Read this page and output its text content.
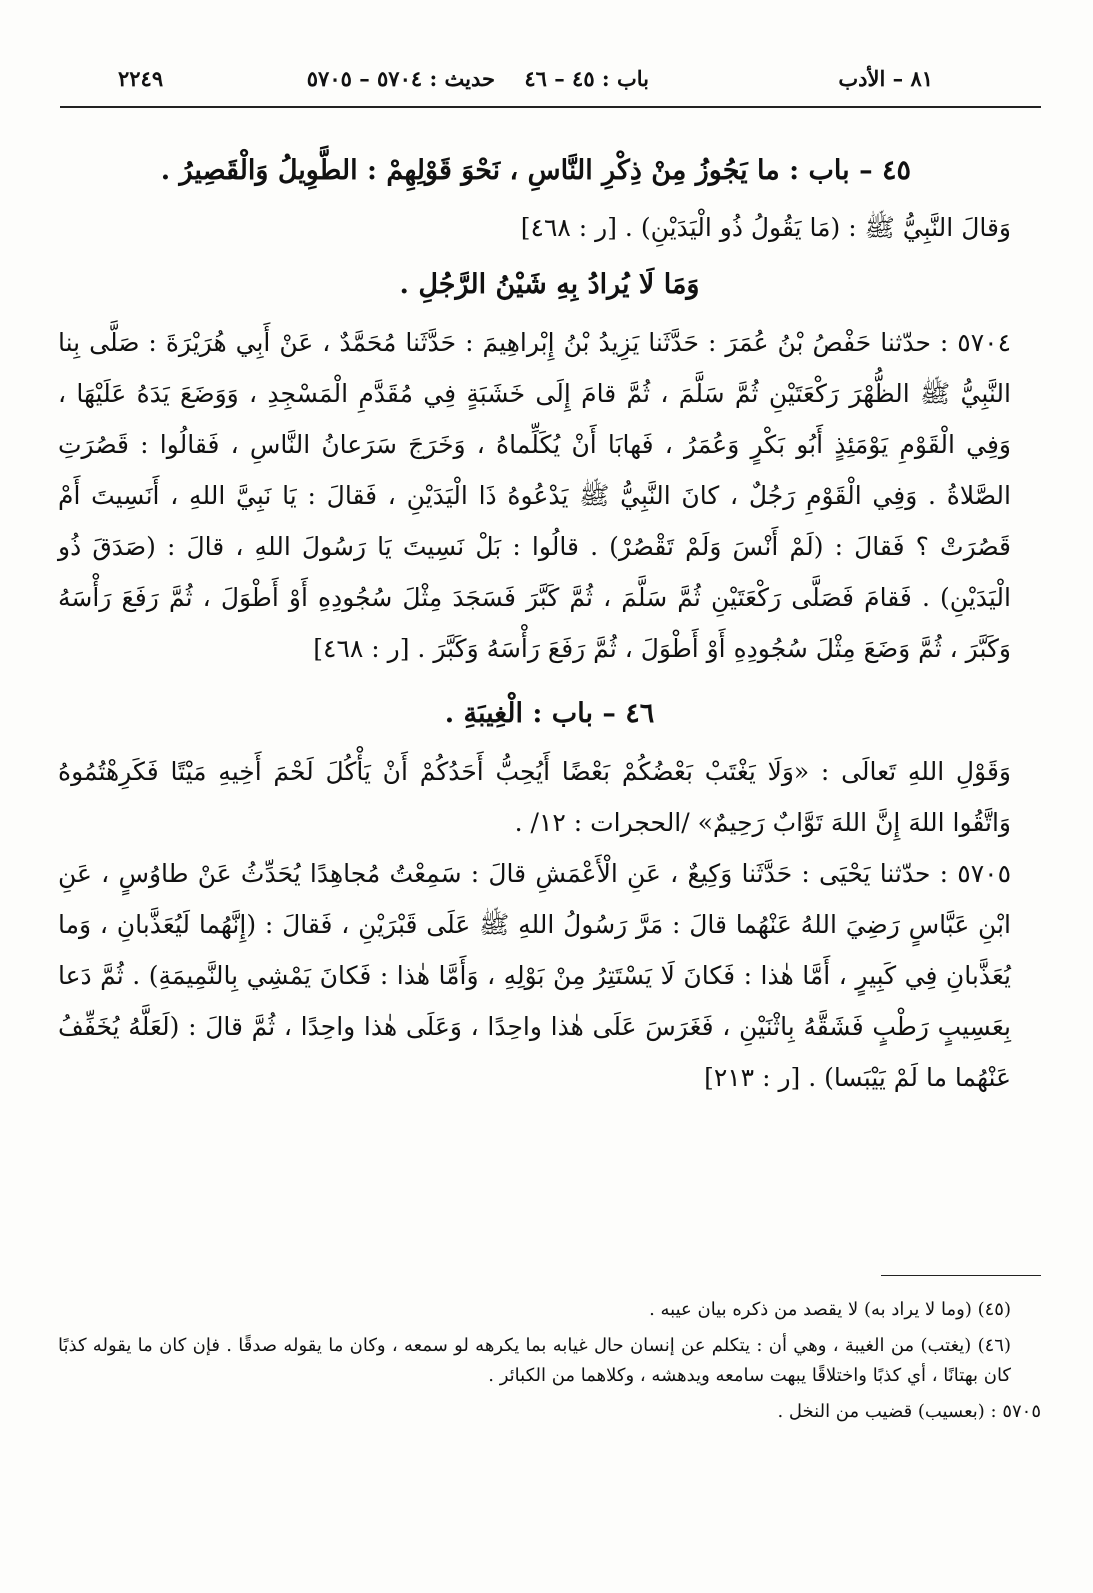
٨١ – الأدب
باب : ٤٥ – ٤٦
حديث : ٥٧٠٤ – ٥٧٠٥
٢٢٤٩

٤٥ – باب : ما يَجُوزُ مِنْ ذِكْرِ النَّاسِ ، نَحْوَ قَوْلِهِمْ : الطَّوِيلُ وَالْقَصِيرُ .

وَقالَ النَّبِيُّ ﷺ : (مَا يَقُولُ ذُو الْيَدَيْنِ) . [ر : ٤٦٨]

وَمَا لَا يُرادُ بِهِ شَيْنُ الرَّجُلِ .

٥٧٠٤ : حدّثنا حَفْصُ بْنُ عُمَرَ : حَدَّثَنا يَزِيدُ بْنُ إِبْراهِيمَ : حَدَّثَنا مُحَمَّدٌ ، عَنْ أَبِي هُرَيْرَةَ : صَلَّى بِنا النَّبِيُّ ﷺ الظُّهْرَ رَكْعَتَيْنِ ثُمَّ سَلَّمَ ، ثُمَّ قامَ إِلَى خَشَبَةٍ فِي مُقَدَّمِ الْمَسْجِدِ ، وَوَضَعَ يَدَهُ عَلَيْهَا ، وَفِي الْقَوْمِ يَوْمَئِذٍ أَبُو بَكْرٍ وَعُمَرُ ، فَهابَا أَنْ يُكَلِّماهُ ، وَخَرَجَ سَرَعانُ النَّاسِ ، فَقالُوا : قَصُرَتِ الصَّلاةُ . وَفِي الْقَوْمِ رَجُلٌ ، كانَ النَّبِيُّ ﷺ يَدْعُوهُ ذَا الْيَدَيْنِ ، فَقالَ : يَا نَبِيَّ اللهِ ، أَنَسِيتَ أَمْ قَصُرَتْ ؟ فَقالَ : (لَمْ أَنْسَ وَلَمْ تَقْصُرْ) . قالُوا : بَلْ نَسِيتَ يَا رَسُولَ اللهِ ، قالَ : (صَدَقَ ذُو الْيَدَيْنِ) . فَقامَ فَصَلَّى رَكْعَتَيْنِ ثُمَّ سَلَّمَ ، ثُمَّ كَبَّرَ فَسَجَدَ مِثْلَ سُجُودِهِ أَوْ أَطْوَلَ ، ثُمَّ رَفَعَ رَأْسَهُ وَكَبَّرَ ، ثُمَّ وَضَعَ مِثْلَ سُجُودِهِ أَوْ أَطْوَلَ ، ثُمَّ رَفَعَ رَأْسَهُ وَكَبَّرَ . [ر : ٤٦٨]

٤٦ – باب : الْغِيبَةِ .

وَقَوْلِ اللهِ تَعالَى : «وَلَا يَغْتَبْ بَعْضُكُمْ بَعْضًا أَيُحِبُّ أَحَدُكُمْ أَنْ يَأْكُلَ لَحْمَ أَخِيهِ مَيْتًا فَكَرِهْتُمُوهُ وَاتَّقُوا اللهَ إِنَّ اللهَ تَوَّابٌ رَحِيمٌ» /الحجرات : ١٢/ .

٥٧٠٥ : حدّثنا يَحْيَى : حَدَّثَنا وَكِيعٌ ، عَنِ الْأَعْمَشِ قالَ : سَمِعْتُ مُجاهِدًا يُحَدِّثُ عَنْ طاوُسٍ ، عَنِ ابْنِ عَبَّاسٍ رَضِيَ اللهُ عَنْهُما قالَ : مَرَّ رَسُولُ اللهِ ﷺ عَلَى قَبْرَيْنِ ، فَقالَ : (إِنَّهُما لَيُعَذَّبانِ ، وَما يُعَذَّبانِ فِي كَبِيرٍ ، أَمَّا هٰذا : فَكانَ لَا يَسْتَتِرُ مِنْ بَوْلِهِ ، وَأَمَّا هٰذا : فَكانَ يَمْشِي بِالنَّمِيمَةِ) . ثُمَّ دَعا بِعَسِيبٍ رَطْبٍ فَشَقَّهُ بِاثْنَيْنِ ، فَغَرَسَ عَلَى هٰذا واحِدًا ، وَعَلَى هٰذا واحِدًا ، ثُمَّ قالَ : (لَعَلَّهُ يُخَفِّفُ عَنْهُما ما لَمْ يَيْبَسا) . [ر : ٢١٣]

(٤٥) (وما لا يراد به) لا يقصد من ذكره بيان عيبه .

(٤٦) (يغتب) من الغيبة ، وهي أن : يتكلم عن إنسان حال غيابه بما يكرهه لو سمعه ، وكان ما يقوله صدقًا . فإن كان ما يقوله كذبًا كان بهتانًا ، أي كذبًا واختلاقًا يبهت سامعه ويدهشه ، وكلاهما من الكبائر .

٥٧٠٥ : (بعسيب) قضيب من النخل .
